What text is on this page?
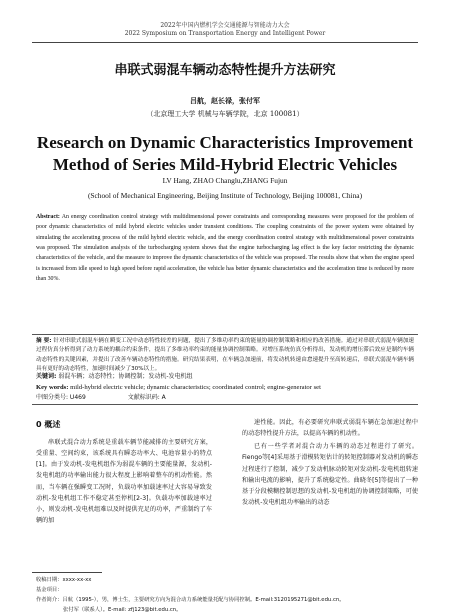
2022年中国内燃机学会交通能源与智能动力大会
2022 Symposium on Transportation Energy and Intelligent Power
串联式弱混车辆动态特性提升方法研究
吕航，赵长禄，张付军
（北京理工大学 机械与车辆学院，北京 100081）
Research on Dynamic Characteristics Improvement
Method of Series Mild-Hybrid Electric Vehicles
LV Hang, ZHAO Changlu,ZHANG Fujun
(School of Mechanical Engineering, Beijing Institute of Technology, Beijing 100081, China)
Abstract: An energy coordination control strategy with multidimensional power constraints and corresponding measures were proposed for the problem of poor dynamic characteristics of mild hybrid electric vehicles under transient conditions. The coupling constraints of the power system were obtained by simulating the accelerating process of the mild hybrid electric vehicle, and the energy coordination control strategy with multidimensional power constraints was proposed. The simulation analysis of the turbocharging system shows that the engine turbocharging lag effect is the key factor restricting the dynamic characteristics of the vehicle, and the measure to improve the dynamic characteristics of the vehicle was proposed. The results show that when the engine speed is increased from idle speed to high speed before rapid acceleration, the vehicle has better dynamic characteristics and the acceleration time is reduced by more than 30%.
摘 要: 针对串联式弱混车辆在瞬变工况中动态特性较差的问题，提出了多维功率约束的能量协调控制策略和相应的改善措施。通过对串联式弱混车辆加速过程仿真分析得到了动力系统的耦合约束条件，提出了多维功率约束的能量协调控制策略。对增压系统仿真分析得出，发动机的增压滞后效应是制约车辆动态特性的关键因素，并提出了改善车辆动态特性的措施。研究结果表明，在车辆急加速前，将发动机转速由怠速提升至高转速后，串联式弱混车辆车辆具有更好的动态特性，加速时间减少了30%以上。
关键词: 弱混车辆；动态特性；协调控制；发动机-发电机组
Key words: mild-hybrid electric vehicle; dynamic characteristics; coordinated control; engine-generator set
中图分类号: U469	文献标识码: A
0 概述
串联式混合动力系统是重载车辆节能减排的主要研究方案，受重量、空间约束，该系统具有瞬态功率大、电池容量小的特点[1]。由于发动机-发电机组作为弱混车辆的主要能量源，发动机-发电机组的功率输出能力很大程度上影响着整车的机动性能。然而，当车辆在强瞬变工况时，负载功率加载速率过大容易导致发动机-发电机组工作不稳定甚至停机[2-3]。负载功率加载速率过小，则发动机-发电机组难以及时提供充足的功率，严重制约了车辆的加

速性能。因此，有必要研究串联式弱混车辆在急加速过程中的动态特性提升方法，以提高车辆的机动性。

已有一些学者对混合动力车辆的动态过程进行了研究。Fiengo等[4]采用基于滑模转矩估计的转矩控制器对发动机的瞬态过程进行了控制，减少了发动机脉动转矩对发动机-发电机组转速和输出电流的影响，提升了系统稳定性。曲晓冬[5]等提出了一种基于分段模糊控制思想的发动机-发电机组的协调控制策略，可使发动机-发电机组功率输出的动态

收稿日期：xxxx-xx-xx
基金项目：
作者简介：吕航（1995-），男，博士生，主要研究方向为混合动力系统能量托配与协同控制。E-mail:3120195271@bit.edu.cn。
张付军（联系人）。E-mail: zfj123@bit.edu.cn。
